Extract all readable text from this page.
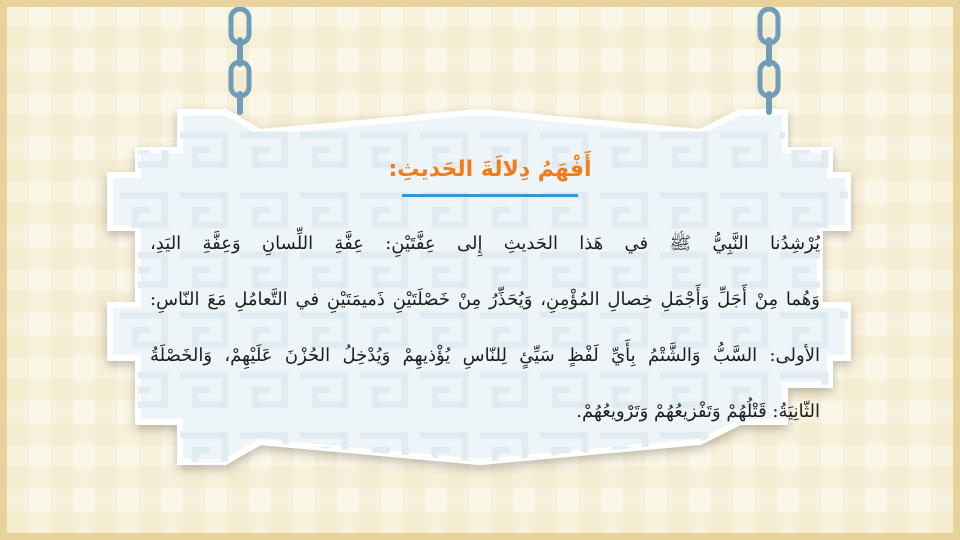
أَفْهَمُ دِلالَةَ الحَديثِ:
يُرْشِدُنا النَّبِيُّ ﷺ في هَذا الحَديثِ إِلى عِفَّتَيْنِ: عِفَّةِ اللِّسانِ وَعِفَّةِ اليَدِ،
وَهُما مِنْ أَجَلِّ وَأَجْمَلِ خِصالِ المُؤْمِنِ، وَيُحَذِّرُ مِنْ خَصْلَتَيْنِ ذَميمَتَيْنِ في التَّعامُلِ مَعَ النّاسِ:
الأولى: السَّبُّ وَالشَّتْمُ بِأَيِّ لَفْظٍ سَيِّئٍ لِلنّاسِ يُؤْذيهِمْ وَيُدْخِلُ الحُزْنَ عَلَيْهِمْ، وَالخَصْلَةُ
الثّانِيَةُ: قَتْلُهُمْ وَتَفْزيعُهُمْ وَتَرْويعُهُمْ.
